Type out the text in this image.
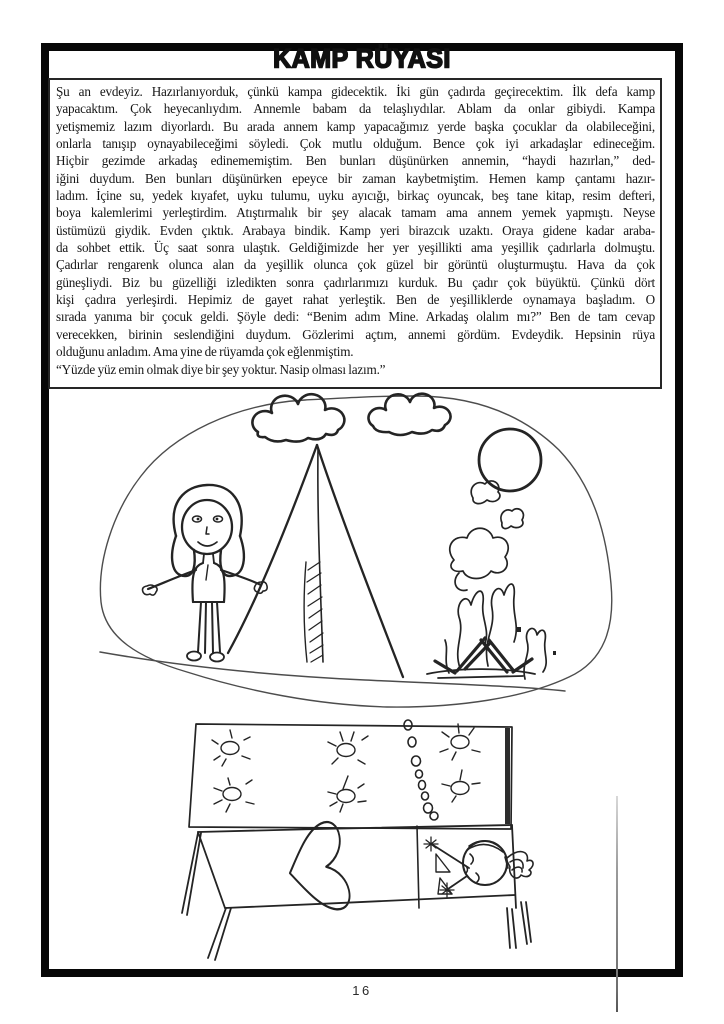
KAMP RÜYASI
Şu an evdeyiz. Hazırlanıyorduk, çünkü kampa gidecektik. İki gün çadırda geçirecektim. İlk defa kamp
yapacaktım. Çok heyecanlıydım. Annemle babam da telaşlıydılar. Ablam da onlar gibiydi. Kampa
yetişmemiz lazım diyorlardı. Bu arada annem kamp yapacağımız yerde başka çocuklar da olabileceğini,
onlarla tanışıp oynayabileceğimi söyledi. Çok mutlu olduğum. Bence çok iyi arkadaşlar edineceğim.
Hiçbir gezimde arkadaş edinememiştim. Ben bunları düşünürken annemin, “haydi hazırlan,” ded-
iğini duydum. Ben bunları düşünürken epeyce bir zaman kaybetmiştim. Hemen kamp çantamı hazır-
ladım. İçine su, yedek kıyafet, uyku tulumu, uyku ayıcığı, birkaç oyuncak, beş tane kitap, resim defteri,
boya kalemlerimi yerleştirdim. Atıştırmalık bir şey alacak tamam ama annem yemek yapmıştı. Neyse
üstümüzü giydik. Evden çıktık. Arabaya bindik. Kamp yeri birazcık uzaktı. Oraya gidene kadar araba-
da sohbet ettik. Üç saat sonra ulaştık. Geldiğimizde her yer yeşillikti ama yeşillik çadırlarla dolmuştu.
Çadırlar rengarenk olunca alan da yeşillik olunca çok güzel bir görüntü oluşturmuştu. Hava da çok
güneşliydi. Biz bu güzelliği izledikten sonra çadırlarımızı kurduk. Bu çadır çok büyüktü. Çünkü dört
kişi çadıra yerleşirdi. Hepimiz de gayet rahat yerleştik. Ben de yeşilliklerde oynamaya başladım. O
sırada yanıma bir çocuk geldi. Şöyle dedi: “Benim adım Mine. Arkadaş olalım mı?” Ben de tam cevap
verecekken, birinin seslendiğini duydum. Gözlerimi açtım, annemi gördüm. Evdeydik. Hepsinin rüya
olduğunu anladım. Ama yine de rüyamda çok eğlenmiştim.
“Yüzde yüz emin olmak diye bir şey yoktur. Nasip olması lazım.”
16
